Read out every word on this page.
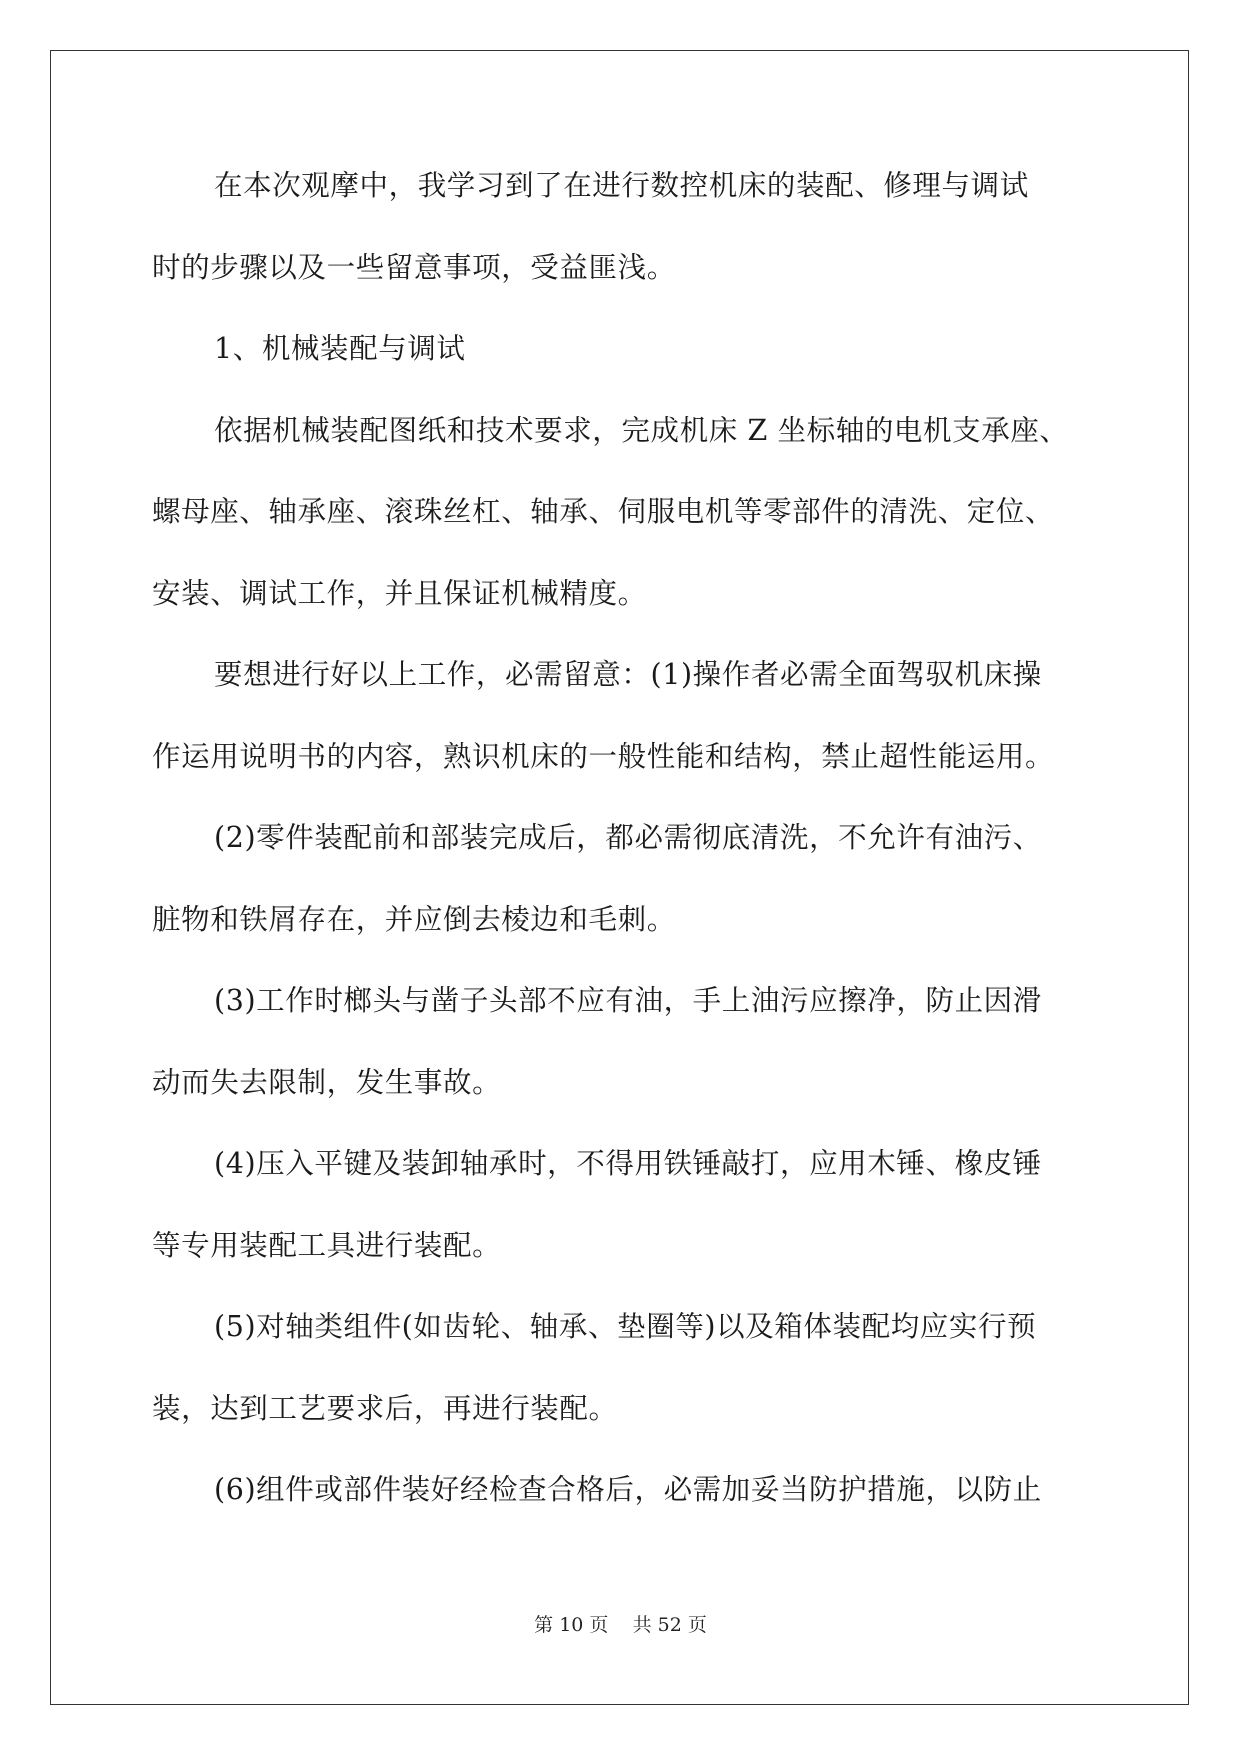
在本次观摩中，我学习到了在进行数控机床的装配、修理与调试
时的步骤以及一些留意事项，受益匪浅。
1、机械装配与调试
依据机械装配图纸和技术要求，完成机床 Z 坐标轴的电机支承座、
螺母座、轴承座、滚珠丝杠、轴承、伺服电机等零部件的清洗、定位、
安装、调试工作，并且保证机械精度。
要想进行好以上工作，必需留意：(1)操作者必需全面驾驭机床操
作运用说明书的内容，熟识机床的一般性能和结构，禁止超性能运用。
(2)零件装配前和部装完成后，都必需彻底清洗，不允许有油污、
脏物和铁屑存在，并应倒去棱边和毛刺。
(3)工作时榔头与凿子头部不应有油，手上油污应擦净，防止因滑
动而失去限制，发生事故。
(4)压入平键及装卸轴承时，不得用铁锤敲打，应用木锤、橡皮锤
等专用装配工具进行装配。
(5)对轴类组件(如齿轮、轴承、垫圈等)以及箱体装配均应实行预
装，达到工艺要求后，再进行装配。
(6)组件或部件装好经检查合格后，必需加妥当防护措施，以防止
第 10 页    共 52 页
